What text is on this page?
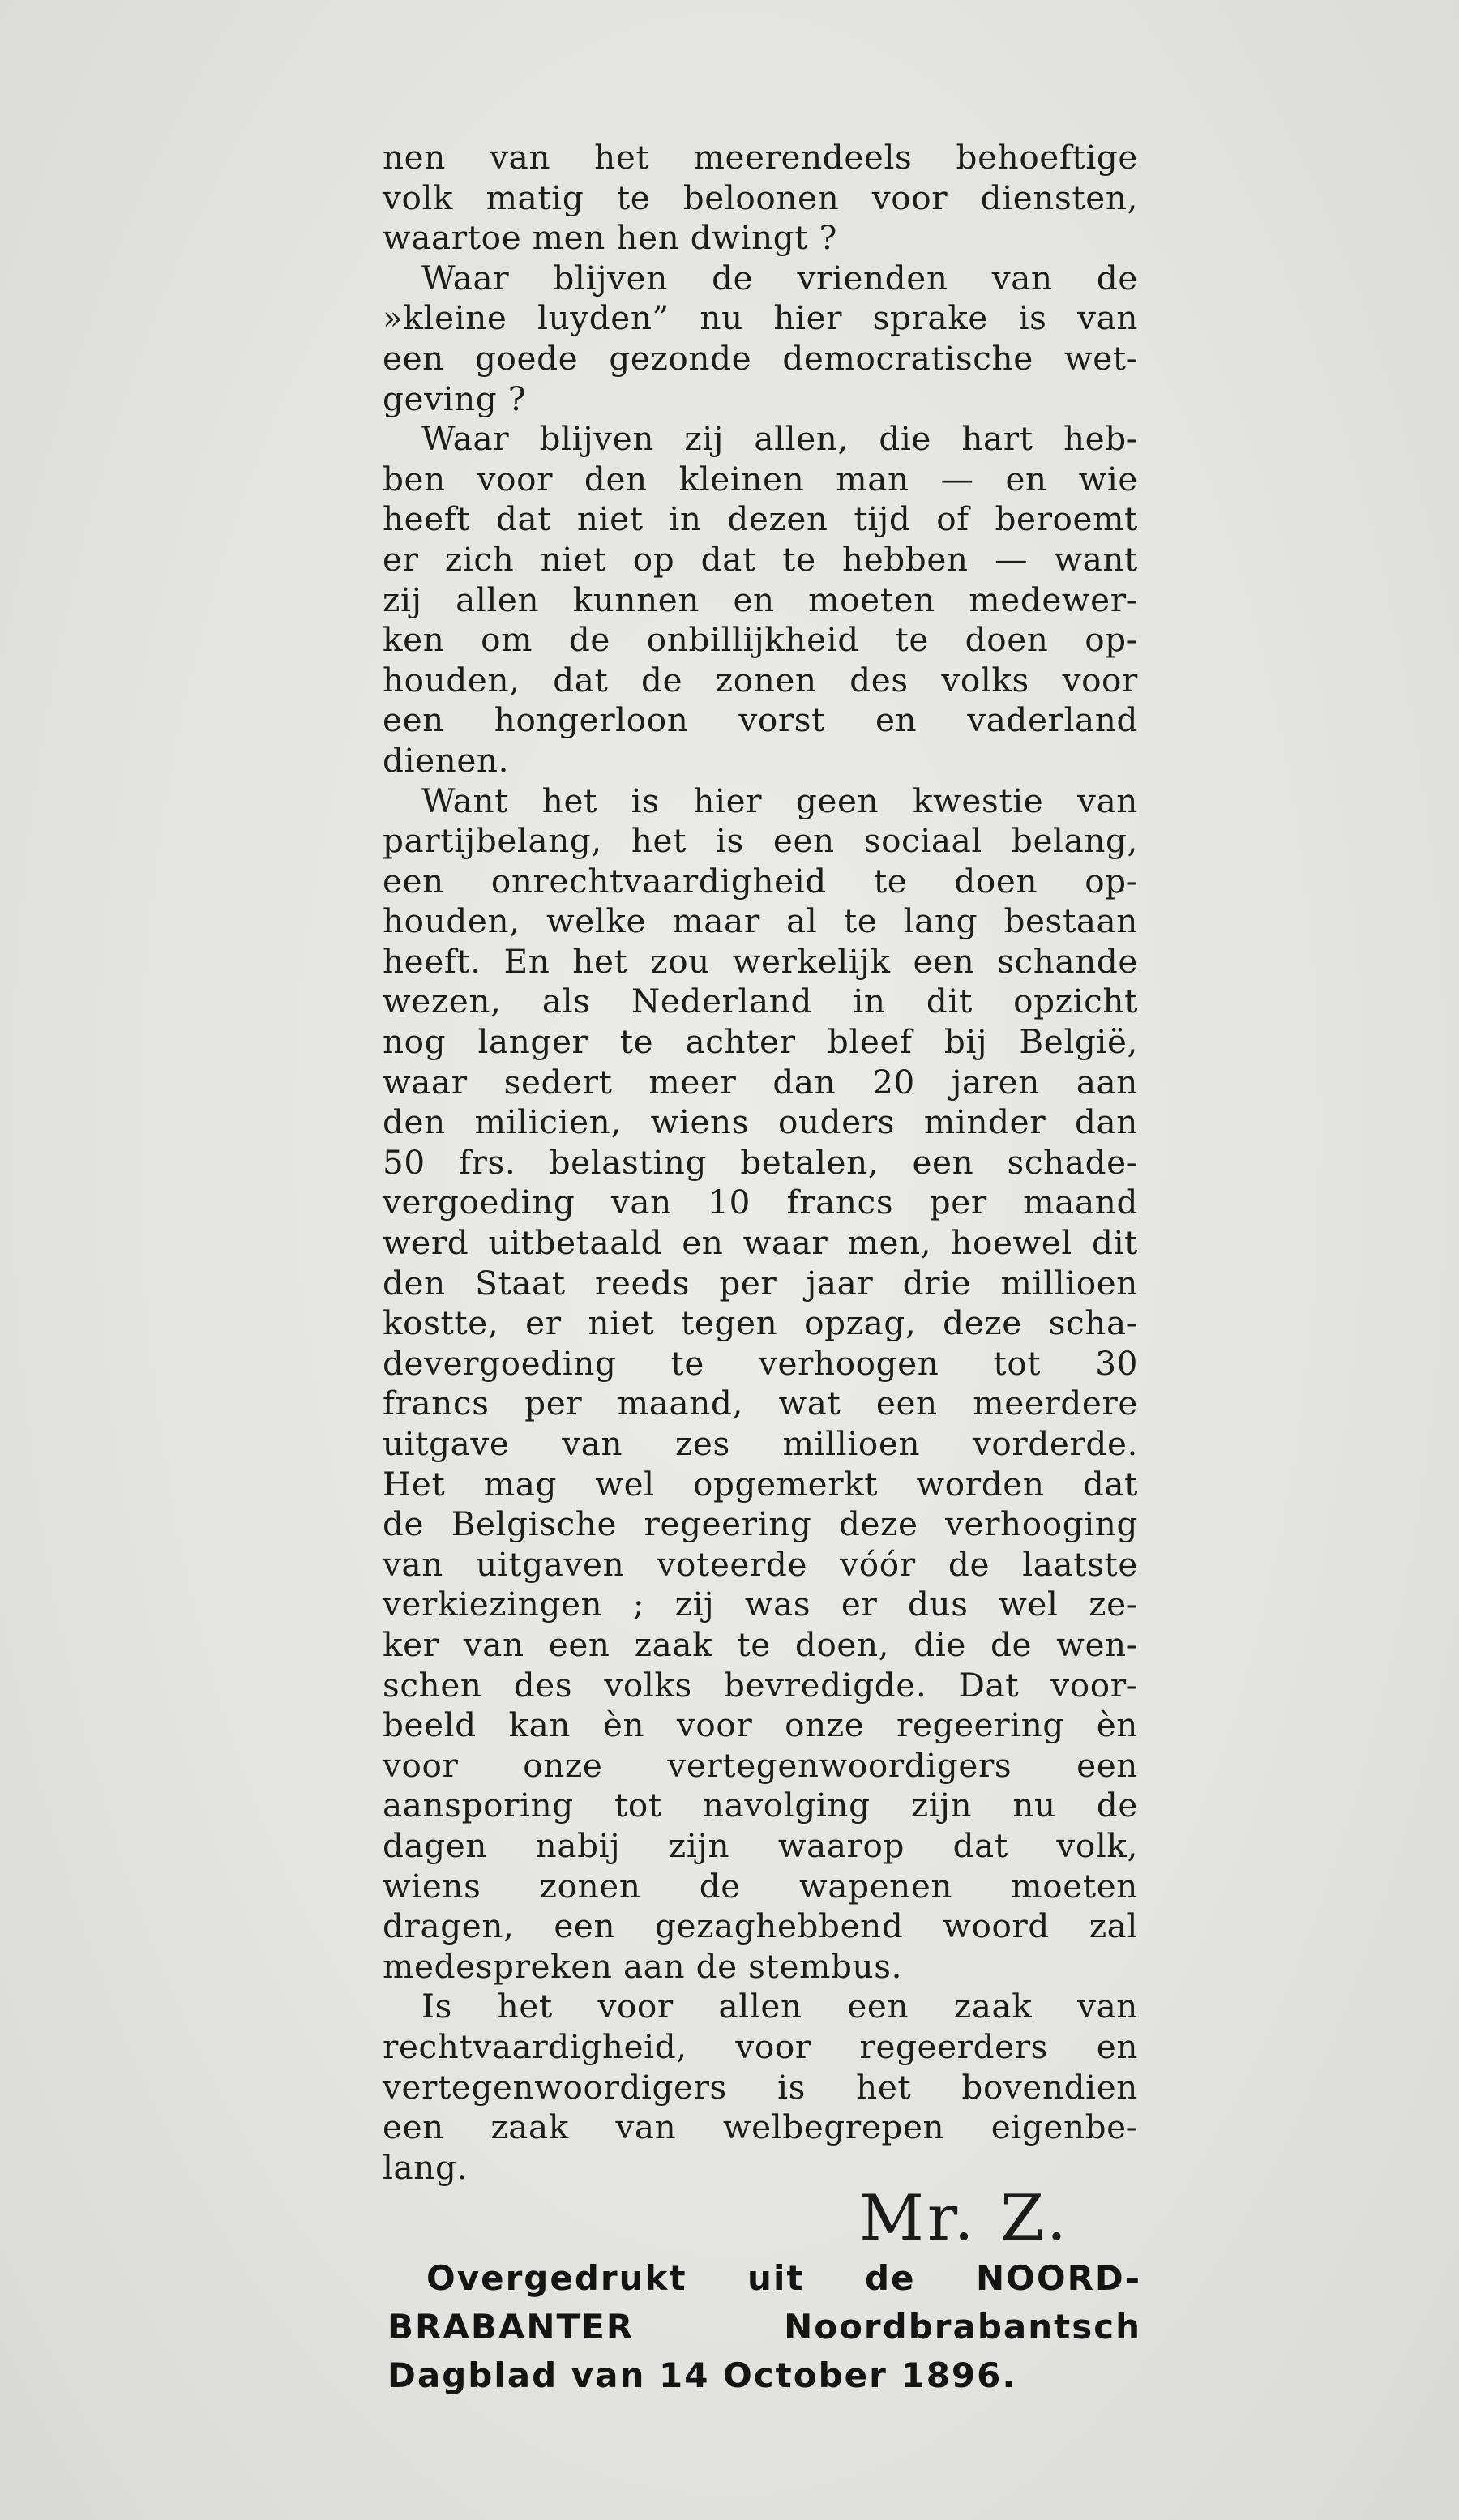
nen van het meerendeels behoeftige
volk matig te beloonen voor diensten,
waartoe men hen dwingt ?
Waar blijven de vrienden van de
»kleine luyden” nu hier sprake is van
een goede gezonde democratische wet-
geving ?
Waar blijven zij allen, die hart heb-
ben voor den kleinen man — en wie
heeft dat niet in dezen tijd of beroemt
er zich niet op dat te hebben — want
zij allen kunnen en moeten medewer-
ken om de onbillijkheid te doen op-
houden, dat de zonen des volks voor
een hongerloon vorst en vaderland
dienen.
Want het is hier geen kwestie van
partijbelang, het is een sociaal belang,
een onrechtvaardigheid te doen op-
houden, welke maar al te lang bestaan
heeft. En het zou werkelijk een schande
wezen, als Nederland in dit opzicht
nog langer te achter bleef bij België,
waar sedert meer dan 20 jaren aan
den milicien, wiens ouders minder dan
50 frs. belasting betalen, een schade-
vergoeding van 10 francs per maand
werd uitbetaald en waar men, hoewel dit
den Staat reeds per jaar drie millioen
kostte, er niet tegen opzag, deze scha-
devergoeding te verhoogen tot 30
francs per maand, wat een meerdere
uitgave van zes millioen vorderde.
Het mag wel opgemerkt worden dat
de Belgische regeering deze verhooging
van uitgaven voteerde vóór de laatste
verkiezingen ; zij was er dus wel ze-
ker van een zaak te doen, die de wen-
schen des volks bevredigde. Dat voor-
beeld kan èn voor onze regeering èn
voor onze vertegenwoordigers een
aansporing tot navolging zijn nu de
dagen nabij zijn waarop dat volk,
wiens zonen de wapenen moeten
dragen, een gezaghebbend woord zal
medespreken aan de stembus.
Is het voor allen een zaak van
rechtvaardigheid, voor regeerders en
vertegenwoordigers is het bovendien
een zaak van welbegrepen eigenbe-
lang.
Mr. Z.
Overgedrukt uit de NOORD-
BRABANTER Noordbrabantsch
Dagblad van 14 October 1896.
